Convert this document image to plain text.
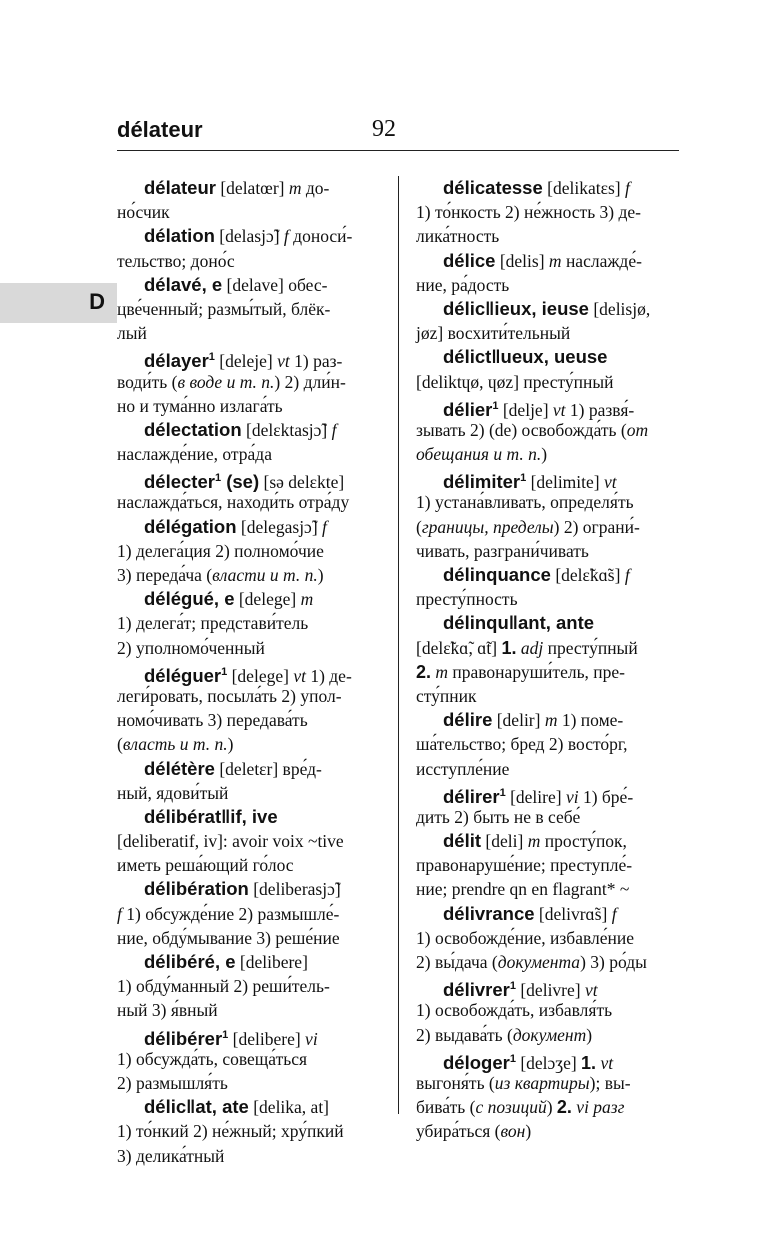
délateur	92
D
délateur [delatœr] m до-
но́счик
délation [delasjɔ̃] f доноси́-
тельство; доно́с
délavé, e [delave] обес-
цве́ченный; размы́тый, блёк-
лый
délayer$^1$ [deleje] vt 1) раз-
води́ть (в воде и т. п.) 2) дли́н-
но и тума́нно излага́ть
délectation [delɛktasjɔ̃] f
наслажде́ние, отра́да
délecter$^1$ (se) [sə delɛkte]
наслажда́ться, находи́ть отра́ду
délégation [delegasjɔ̃] f
1) делега́ция 2) полномо́чие
3) переда́ча (власти и т. п.)
délégué, e [delege] m
1) делега́т; представи́тель
2) уполномо́ченный
déléguer$^1$ [delege] vt 1) де-
леги́ровать, посыла́ть 2) упол-
номо́чивать 3) передава́ть
(власть и т. п.)
délétère [deletɛr] вре́д-
ный, ядови́тый
délibérat‖if, ive
[deliberatif, iv]: avoir voix ~tive
иметь реша́ющий го́лос
délibération [deliberasjɔ̃]
f 1) обсужде́ние 2) размышле́-
ние, обду́мывание 3) реше́ние
délibéré, e [delibere]
1) обду́манный 2) реши́тель-
ный 3) я́вный
délibérer$^1$ [delibere] vi
1) обсужда́ть, совеща́ться
2) размышля́ть
délic‖at, ate [delika, at]
1) то́нкий 2) не́жный; хру́пкий
3) делика́тный
délicatesse [delikatɛs] f
1) то́нкость 2) не́жность 3) де-
лика́тность
délice [delis] m наслажде́-
ние, ра́дость
délic‖ieux, ieuse [delisjø,
jøz] восхити́тельный
délict‖ueux, ueuse
[deliktɥø, ɥøz] престу́пный
délier$^1$ [delje] vt 1) развя́-
зывать 2) (de) освобожда́ть (от
обещания и т. п.)
délimiter$^1$ [delimite] vt
1) устана́вливать, определя́ть
(границы, пределы) 2) ограни́-
чивать, разграни́чивать
délinquance [delɛ̃kɑ̃s] f
престу́пность
délinqu‖ant, ante
[delɛ̃kɑ̃, ɑ̃t] 1. adj престу́пный
2. m правонаруши́тель, пре-
сту́пник
délire [delir] m 1) поме-
ша́тельство; бред 2) восто́рг,
исступле́ние
délirer$^1$ [delire] vi 1) бре́-
дить 2) быть не в себе́
délit [deli] m просту́пок,
правонаруше́ние; преступле́-
ние; prendre qn en flagrant* ~
délivrance [delivrɑ̃s] f
1) освобожде́ние, избавле́ние
2) вы́дача (документа) 3) ро́ды
délivrer$^1$ [delivre] vt
1) освобожда́ть, избавля́ть
2) выдава́ть (документ)
déloger$^1$ [delɔʒe] 1. vt
выгоня́ть (из квартиры); вы-
бива́ть (с позиций) 2. vi разг
убира́ться (вон)
